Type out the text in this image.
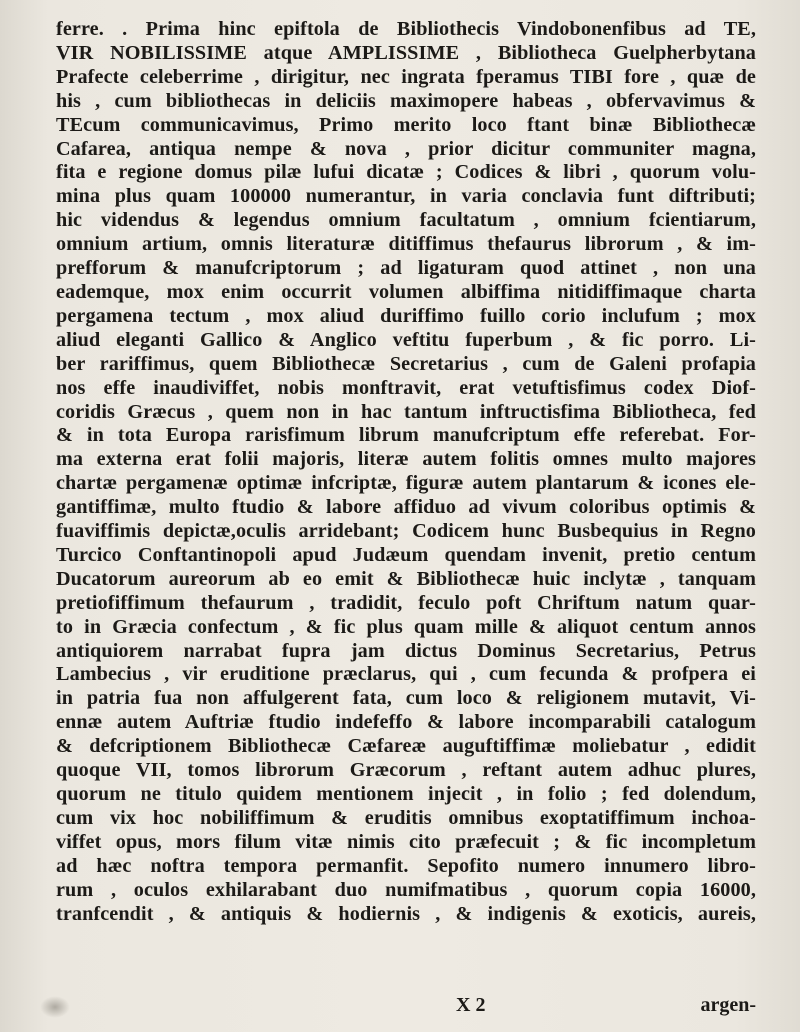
ferre. . Prima hinc epiftola de Bibliothecis Vindobonenfibus ad TE,
VIR NOBILISSIME atque AMPLISSIME , Bibliotheca Guelpherbytana
Prafecte celeberrime , dirigitur, nec ingrata fperamus TIBI fore , quæ de
his , cum bibliothecas in deliciis maximopere habeas , obfervavimus &
TEcum communicavimus, Primo merito loco ftant binæ Bibliothecæ
Cafarea, antiqua nempe & nova , prior dicitur communiter magna,
fita e regione domus pilæ lufui dicatæ ; Codices & libri , quorum volu-
mina plus quam 100000 numerantur, in varia conclavia funt diftributi;
hic videndus & legendus omnium facultatum , omnium fcientiarum,
omnium artium, omnis literaturæ ditiffimus thefaurus librorum , & im-
prefforum & manufcriptorum ; ad ligaturam quod attinet , non una
eademque, mox enim occurrit volumen albiffima nitidiffimaque charta
pergamena tectum , mox aliud duriffimo fuillo corio inclufum ; mox
aliud eleganti Gallico & Anglico veftitu fuperbum , & fic porro. Li-
ber rariffimus, quem Bibliothecæ Secretarius , cum de Galeni profapia
nos effe inaudiviffet, nobis monftravit, erat vetuftisfimus codex Diof-
coridis Græcus , quem non in hac tantum inftructisfima Bibliotheca, fed
& in tota Europa rarisfimum librum manufcriptum effe referebat. For-
ma externa erat folii majoris, literæ autem folitis omnes multo majores
chartæ pergamenæ optimæ infcriptæ, figuræ autem plantarum & icones ele-
gantiffimæ, multo ftudio & labore affiduo ad vivum coloribus optimis &
fuaviffimis depictæ,oculis arridebant; Codicem hunc Busbequius in Regno
Turcico Conftantinopoli apud Judæum quendam invenit, pretio centum
Ducatorum aureorum ab eo emit & Bibliothecæ huic inclytæ , tanquam
pretiofiffimum thefaurum , tradidit, feculo poft Chriftum natum quar-
to in Græcia confectum , & fic plus quam mille & aliquot centum annos
antiquiorem narrabat fupra jam dictus Dominus Secretarius, Petrus
Lambecius , vir eruditione præclarus, qui , cum fecunda & profpera ei
in patria fua non affulgerent fata, cum loco & religionem mutavit, Vi-
ennæ autem Auftriæ ftudio indefeffo & labore incomparabili catalogum
& defcriptionem Bibliothecæ Cæfareæ auguftiffimæ moliebatur , edidit
quoque VII, tomos librorum Græcorum , reftant autem adhuc plures,
quorum ne titulo quidem mentionem injecit , in folio ; fed dolendum,
cum vix hoc nobiliffimum & eruditis omnibus exoptatiffimum inchoa-
viffet opus, mors filum vitæ nimis cito præfecuit ; & fic incompletum
ad hæc noftra tempora permanfit. Sepofito numero innumero libro-
rum , oculos exhilarabant duo numifmatibus , quorum copia 16000,
tranfcendit , & antiquis & hodiernis , & indigenis & exoticis, aureis,
X 2	argen-
